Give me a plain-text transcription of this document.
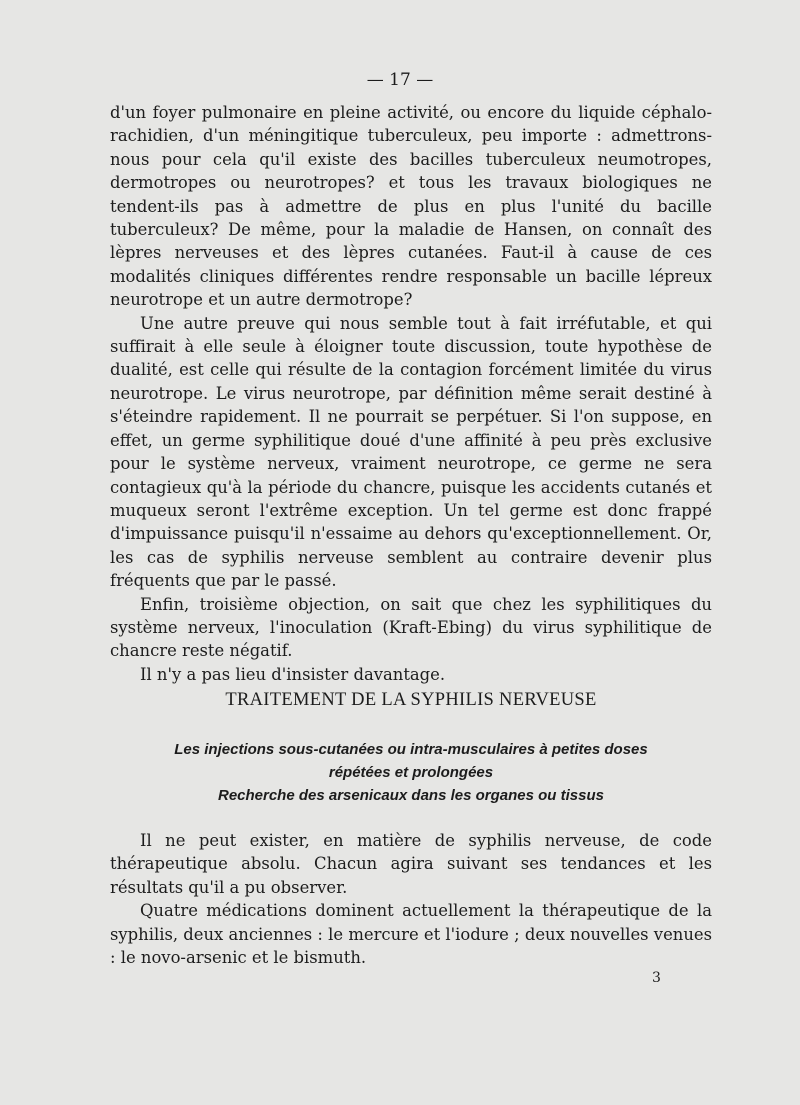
— 17 —

d'un foyer pulmonaire en pleine activité, ou encore du liquide céphalo-rachidien, d'un méningitique tuberculeux, peu importe : admettrons-nous pour cela qu'il existe des bacilles tuberculeux neumotropes, dermotropes ou neurotropes? et tous les travaux biologiques ne tendent-ils pas à admettre de plus en plus l'unité du bacille tuberculeux? De même, pour la maladie de Hansen, on connaît des lèpres nerveuses et des lèpres cutanées. Faut-il à cause de ces modalités cliniques différentes rendre responsable un bacille lépreux neurotrope et un autre dermotrope?

Une autre preuve qui nous semble tout à fait irréfutable, et qui suffirait à elle seule à éloigner toute discussion, toute hypothèse de dualité, est celle qui résulte de la contagion forcément limitée du virus neurotrope. Le virus neurotrope, par définition même serait destiné à s'éteindre rapidement. Il ne pourrait se perpétuer. Si l'on suppose, en effet, un germe syphilitique doué d'une affinité à peu près exclusive pour le système nerveux, vraiment neurotrope, ce germe ne sera contagieux qu'à la période du chancre, puisque les accidents cutanés et muqueux seront l'extrême exception. Un tel germe est donc frappé d'impuissance puisqu'il n'essaime au dehors qu'exceptionnellement. Or, les cas de syphilis nerveuse semblent au contraire devenir plus fréquents que par le passé.

Enfin, troisième objection, on sait que chez les syphilitiques du système nerveux, l'inoculation (Kraft-Ebing) du virus syphilitique de chancre reste négatif.

Il n'y a pas lieu d'insister davantage.

TRAITEMENT DE LA SYPHILIS NERVEUSE
Les injections sous-cutanées ou intra-musculaires à petites doses
répétées et prolongées
Recherche des arsenicaux dans les organes ou tissus

Il ne peut exister, en matière de syphilis nerveuse, de code thérapeutique absolu. Chacun agira suivant ses tendances et les résultats qu'il a pu observer.

Quatre médications dominent actuellement la thérapeutique de la syphilis, deux anciennes : le mercure et l'iodure ; deux nouvelles venues : le novo-arsenic et le bismuth.

3
